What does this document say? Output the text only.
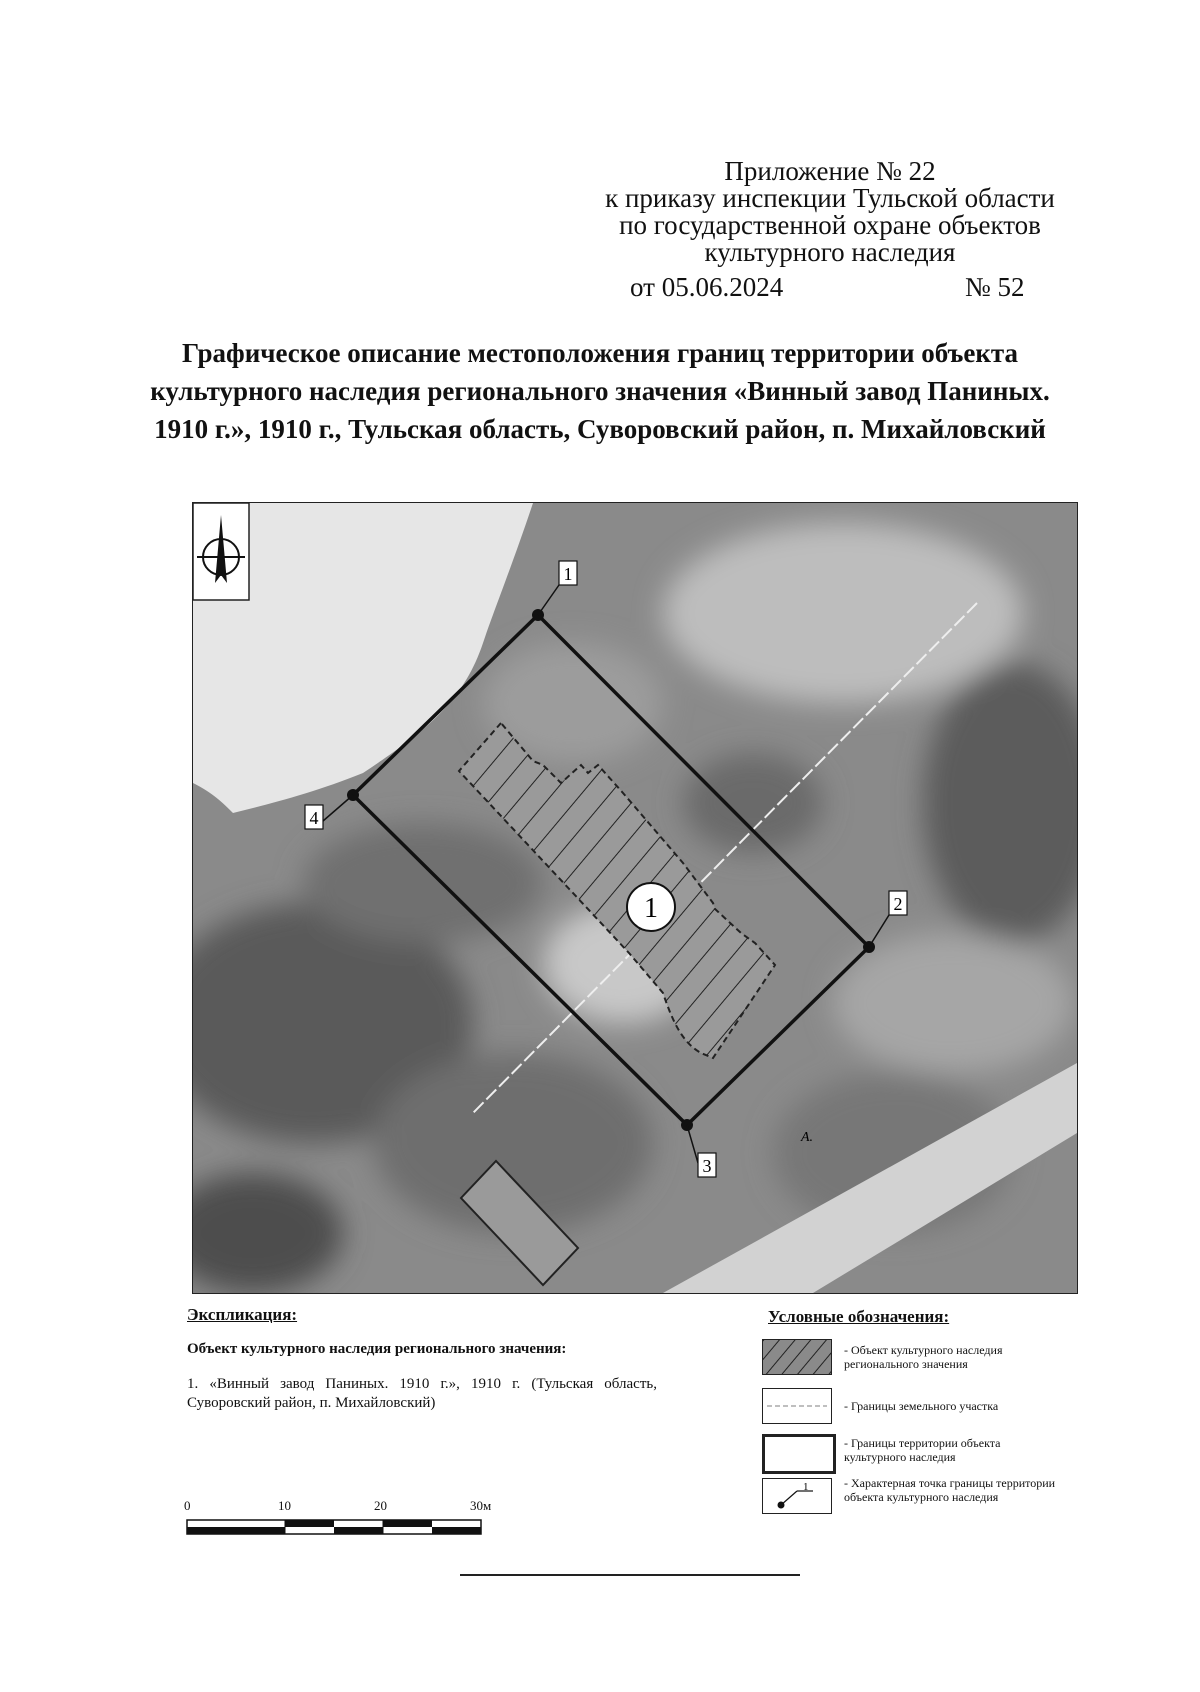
Приложение № 22
к приказу инспекции Тульской области
по государственной охране объектов
культурного наследия
от 05.06.2024	№ 52
Графическое описание местоположения границ территории объекта культурного наследия регионального значения «Винный завод Паниных. 1910 г.», 1910 г., Тульская область, Суворовский район, п. Михайловский
1
2
3
4
1
А.
Экспликация:
Объект культурного наследия регионального значения:
1. «Винный завод Паниных. 1910 г.», 1910 г. (Тульская область, Суворовский район, п. Михайловский)
Условные обозначения:
- Объект культурного наследия регионального значения
- Границы земельного участка
- Границы территории объекта культурного наследия
1	- Характерная точка границы территории объекта культурного наследия
0	10	20	30м
